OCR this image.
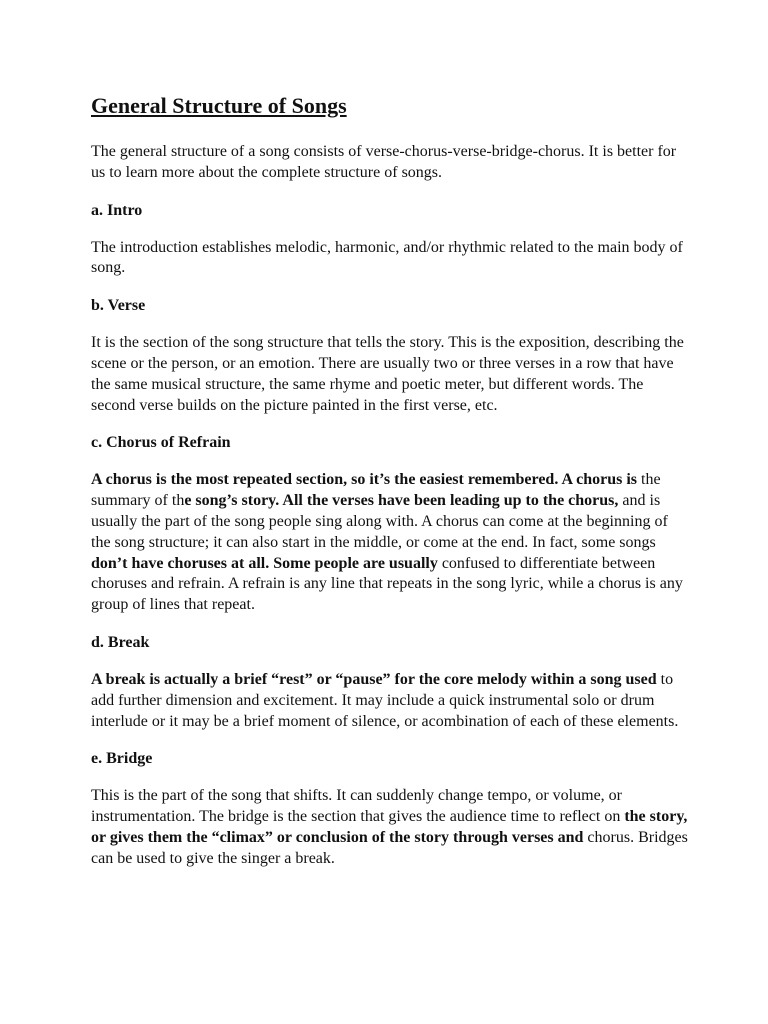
General Structure of Songs

The general structure of a song consists of verse-chorus-verse-bridge-chorus. It is better for us to learn more about the complete structure of songs.

a. Intro

The introduction establishes melodic, harmonic, and/or rhythmic related to the main body of song.

b. Verse

It is the section of the song structure that tells the story. This is the exposition, describing the scene or the person, or an emotion. There are usually two or three verses in a row that have the same musical structure, the same rhyme and poetic meter, but different words. The second verse builds on the picture painted in the first verse, etc.

c. Chorus of Refrain

A chorus is the most repeated section, so it’s the easiest remembered. A chorus is the summary of the song’s story. All the verses have been leading up to the chorus, and is usually the part of the song people sing along with. A chorus can come at the beginning of the song structure; it can also start in the middle, or come at the end. In fact, some songs don’t have choruses at all. Some people are usually confused to differentiate between choruses and refrain. A refrain is any line that repeats in the song lyric, while a chorus is any group of lines that repeat.

d. Break

A break is actually a brief “rest” or “pause” for the core melody within a song used to add further dimension and excitement. It may include a quick instrumental solo or drum interlude or it may be a brief moment of silence, or acombination of each of these elements.

e. Bridge

This is the part of the song that shifts. It can suddenly change tempo, or volume, or instrumentation. The bridge is the section that gives the audience time to reflect on the story, or gives them the “climax” or conclusion of the story through verses and chorus. Bridges can be used to give the singer a break.
